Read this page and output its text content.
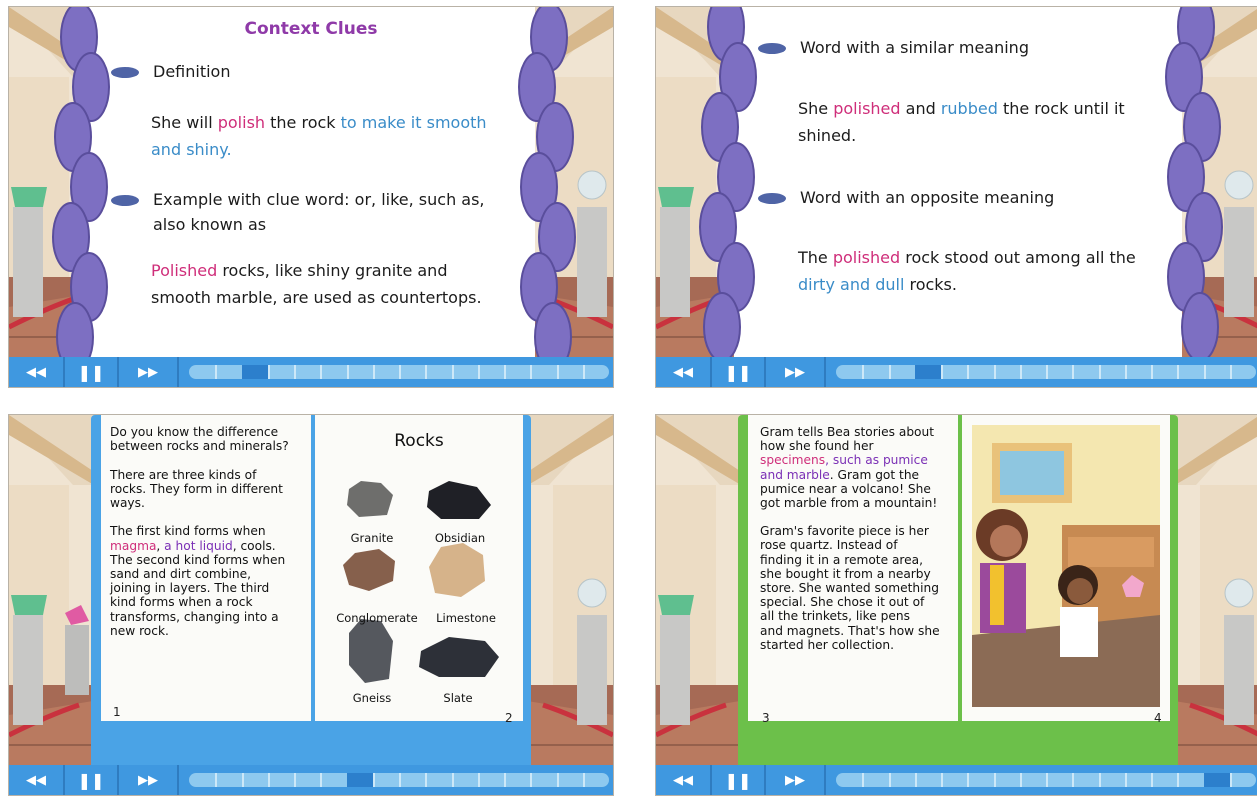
Context Clues
Definition
She will polish the rock to make it smooth
and shiny.
Example with clue word: or, like, such as,
also known as
Polished rocks, like shiny granite and
smooth marble, are used as countertops.
◀◀ ❚❚	▶▶
Word with a similar meaning
She polished and rubbed the rock until it
shined.
Word with an opposite meaning
The polished rock stood out among all the
dirty and dull rocks.
◀◀ ❚❚	▶▶
Do you know the difference
between rocks and minerals?

There are three kinds of
rocks. They form in different
ways.

The first kind forms when
magma, a hot liquid, cools.
The second kind forms when
sand and dirt combine,
joining in layers. The third
kind forms when a rock
transforms, changing into a
new rock.
1
Rocks
Granite	Obsidian
Conglomerate	Limestone
Gneiss	Slate
2
◀◀ ❚❚	▶▶
Gram tells Bea stories about
how she found her
specimens, such as pumice
and marble. Gram got the
pumice near a volcano! She
got marble from a mountain!
Gram's favorite piece is her
rose quartz. Instead of
finding it in a remote area,
she bought it from a nearby
store. She wanted something
special. She chose it out of
all the trinkets, like pens
and magnets. That's how she
started her collection.
3	4
◀◀ ❚❚	▶▶
